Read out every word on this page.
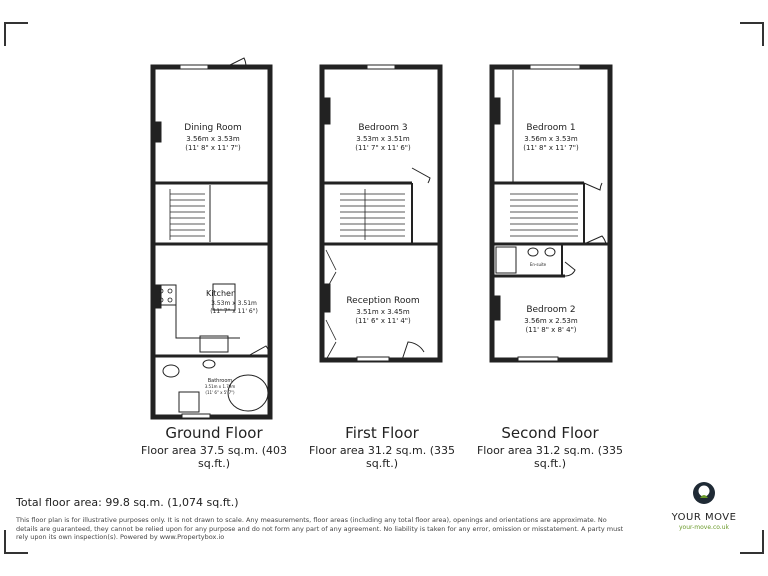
Dining Room
3.56m x 3.53m
(11' 8" x 11' 7")
Kitchen
3.53m x 3.51m
(11' 7" x 11' 6")
Bathroom
3.51m x 1.79m
(11' 6" x 5' 7")
Bedroom 3
3.53m x 3.51m
(11' 7" x 11' 6")
Reception Room
3.51m x 3.45m
(11' 6" x 11' 4")
Bedroom 1
3.56m x 3.53m
(11' 8" x 11' 7")
En-suite
Bedroom 2
3.56m x 2.53m
(11' 8" x 8' 4")
Ground Floor
Floor area 37.5 sq.m. (403 sq.ft.)
First Floor
Floor area 31.2 sq.m. (335 sq.ft.)
Second Floor
Floor area 31.2 sq.m. (335 sq.ft.)
Total floor area: 99.8 sq.m. (1,074 sq.ft.)
This floor plan is for illustrative purposes only. It is not drawn to scale. Any measurements, floor areas (including any total floor area), openings and orientations are approximate. No details are guaranteed, they cannot be relied upon for any purpose and do not form any part of any agreement. No liability is taken for any error, omission or misstatement. A party must rely upon its own inspection(s). Powered by www.Propertybox.io
YOUR MOVE
your-move.co.uk
